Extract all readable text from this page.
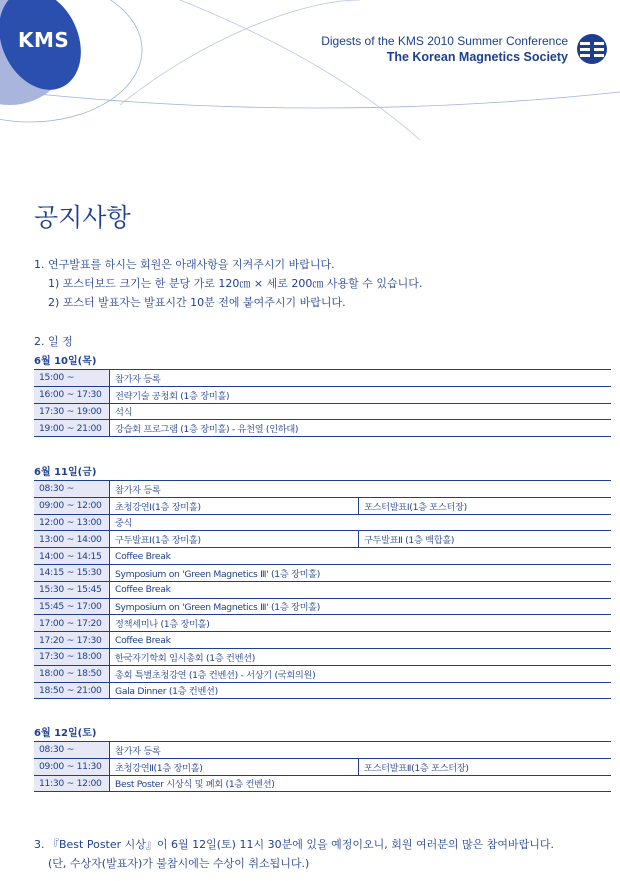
KMS	Digests of the KMS 2010 Summer Conference
The Korean Magnetics Society
공지사항
1. 연구발표를 하시는 회원은 아래사항을 지켜주시기 바랍니다.
1) 포스터보드 크기는 한 분당 가로 120㎝ × 세로 200㎝ 사용할 수 있습니다.
2) 포스터 발표자는 발표시간 10분 전에 붙여주시기 바랍니다.
2. 일 정
6월 10일(목)
15:00 ~	참가자 등록
16:00 ~ 17:30	전략기술 공청회 (1층 장미홀)
17:30 ~ 19:00	석식
19:00 ~ 21:00	강습회 프로그램 (1층 장미홀) - 유천열 (인하대)
6월 11일(금)
08:30 ~	참가자 등록	
09:00 ~ 12:00	초청강연Ⅰ(1층 장미홀)	포스터발표Ⅰ(1층 포스터장)
12:00 ~ 13:00	중식	
13:00 ~ 14:00	구두발표Ⅰ(1층 장미홀)	구두발표Ⅱ (1층 백합홀)
14:00 ~ 14:15	Coffee Break	
14:15 ~ 15:30	Symposium on 'Green Magnetics Ⅲ' (1층 장미홀)	
15:30 ~ 15:45	Coffee Break	
15:45 ~ 17:00	Symposium on 'Green Magnetics Ⅲ' (1층 장미홀)	
17:00 ~ 17:20	정책세미나 (1층 장미홀)	
17:20 ~ 17:30	Coffee Break	
17:30 ~ 18:00	한국자기학회 임시총회 (1층 컨벤션)	
18:00 ~ 18:50	총회 특별초청강연 (1층 컨벤션) - 서상기 (국회의원)	
18:50 ~ 21:00	Gala Dinner (1층 컨벤션)	
6월 12일(토)
08:30 ~	참가자 등록	
09:00 ~ 11:30	초청강연Ⅱ(1층 장미홀)	포스터발표Ⅱ(1층 포스터장)
11:30 ~ 12:00	Best Poster 시상식 및 폐회 (1층 컨벤션)	
3. 『Best Poster 시상』이 6월 12일(토) 11시 30분에 있을 예정이오니, 회원 여러분의 많은 참여바랍니다.
(단, 수상자(발표자)가 불참시에는 수상이 취소됩니다.)
